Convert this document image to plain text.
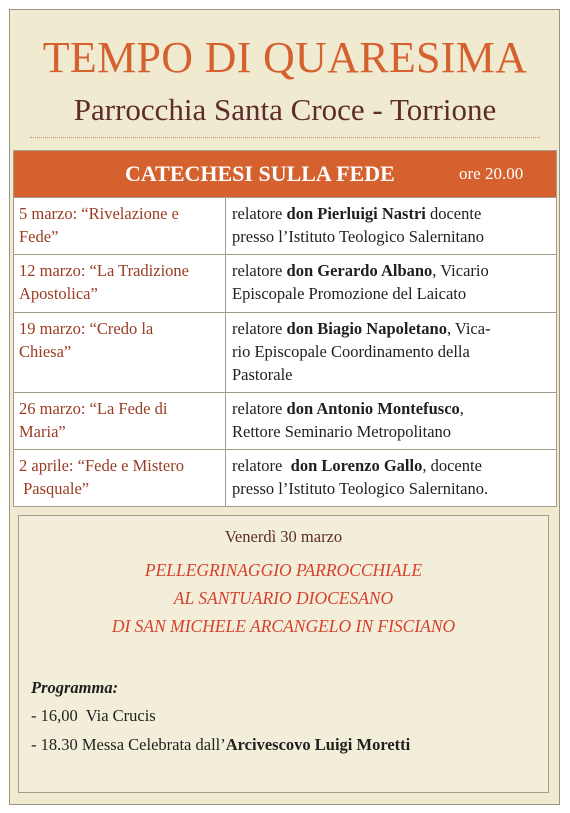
TEMPO DI QUARESIMA
Parrocchia Santa Croce - Torrione
CATECHESI SULLA FEDE	ore 20.00
5 marzo: “Rivelazione e
Fede”
relatore don Pierluigi Nastri docente
presso l’Istituto Teologico Salernitano
12 marzo: “La Tradizione
Apostolica”
relatore don Gerardo Albano, Vicario
Episcopale Promozione del Laicato
19 marzo: “Credo la
Chiesa”
relatore don Biagio Napoletano, Vica-
rio Episcopale Coordinamento della
Pastorale
26 marzo: “La Fede di
Maria”
relatore don Antonio Montefusco,
Rettore Seminario Metropolitano
2 aprile: “Fede e Mistero
Pasquale”
relatore  don Lorenzo Gallo, docente
presso l’Istituto Teologico Salernitano.
Venerdì 30 marzo
PELLEGRINAGGIO PARROCCHIALE
AL SANTUARIO DIOCESANO
DI SAN MICHELE ARCANGELO IN FISCIANO
Programma:
- 16,00  Via Crucis
- 18.30 Messa Celebrata dall’Arcivescovo Luigi Moretti
